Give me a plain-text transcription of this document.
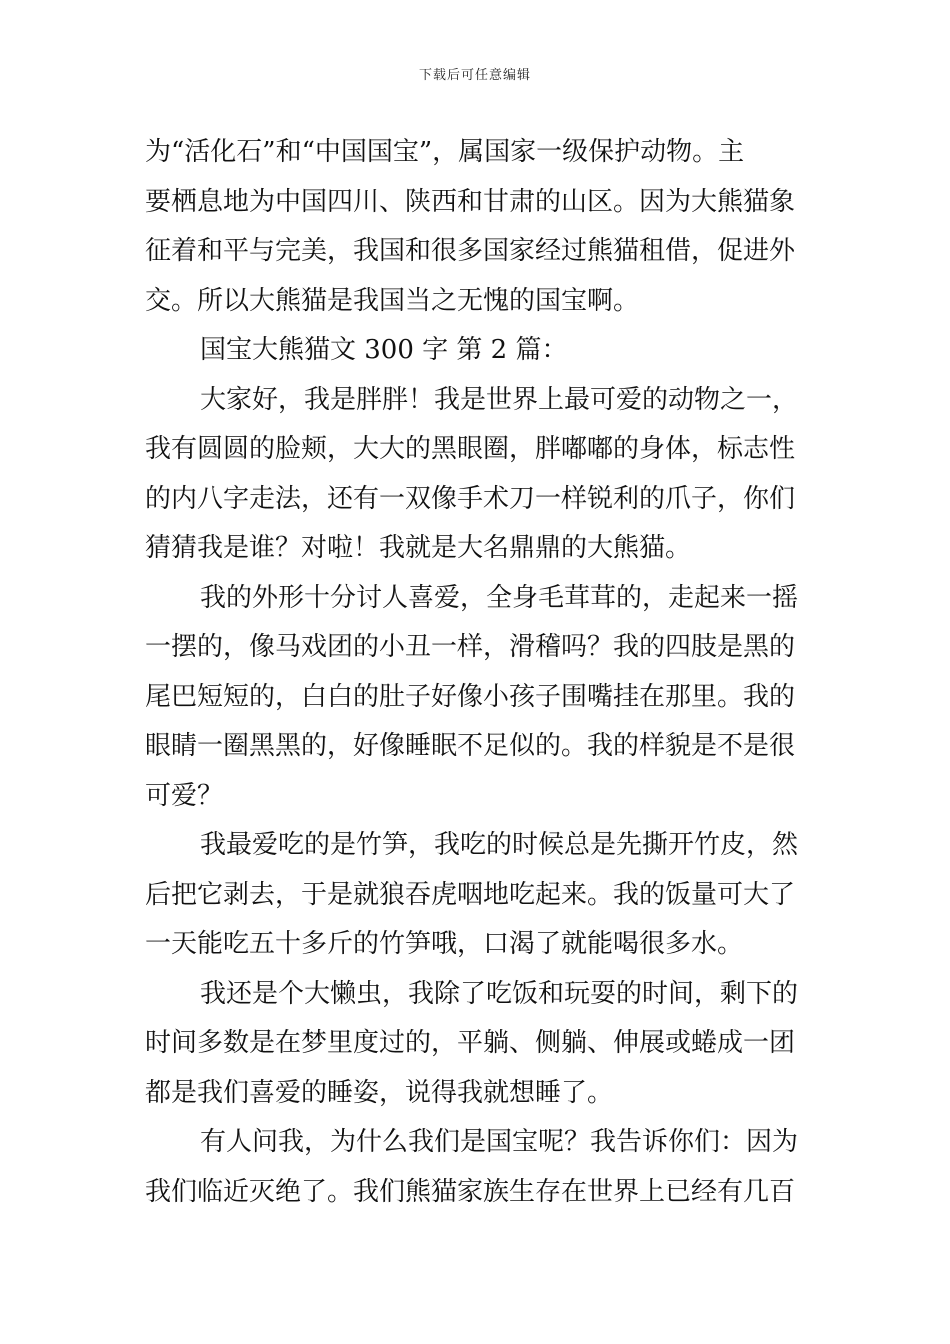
下载后可任意编辑
为“活化石”和“中国国宝”，属国家一级保护动物。主
要栖息地为中国四川、陕西和甘肃的山区。因为大熊猫象
征着和平与完美，我国和很多国家经过熊猫租借，促进外
交。所以大熊猫是我国当之无愧的国宝啊。
国宝大熊猫文 300 字 第 2 篇：
大家好，我是胖胖！我是世界上最可爱的动物之一，
我有圆圆的脸颊，大大的黑眼圈，胖嘟嘟的身体，标志性
的内八字走法，还有一双像手术刀一样锐利的爪子，你们
猜猜我是谁？对啦！我就是大名鼎鼎的大熊猫。
我的外形十分讨人喜爱，全身毛茸茸的，走起来一摇
一摆的，像马戏团的小丑一样，滑稽吗？我的四肢是黑的
尾巴短短的，白白的肚子好像小孩子围嘴挂在那里。我的
眼睛一圈黑黑的，好像睡眠不足似的。我的样貌是不是很
可爱？
我最爱吃的是竹笋，我吃的时候总是先撕开竹皮，然
后把它剥去，于是就狼吞虎咽地吃起来。我的饭量可大了
一天能吃五十多斤的竹笋哦，口渴了就能喝很多水。
我还是个大懒虫，我除了吃饭和玩耍的时间，剩下的
时间多数是在梦里度过的，平躺、侧躺、伸展或蜷成一团
都是我们喜爱的睡姿，说得我就想睡了。
有人问我，为什么我们是国宝呢？我告诉你们：因为
我们临近灭绝了。我们熊猫家族生存在世界上已经有几百
